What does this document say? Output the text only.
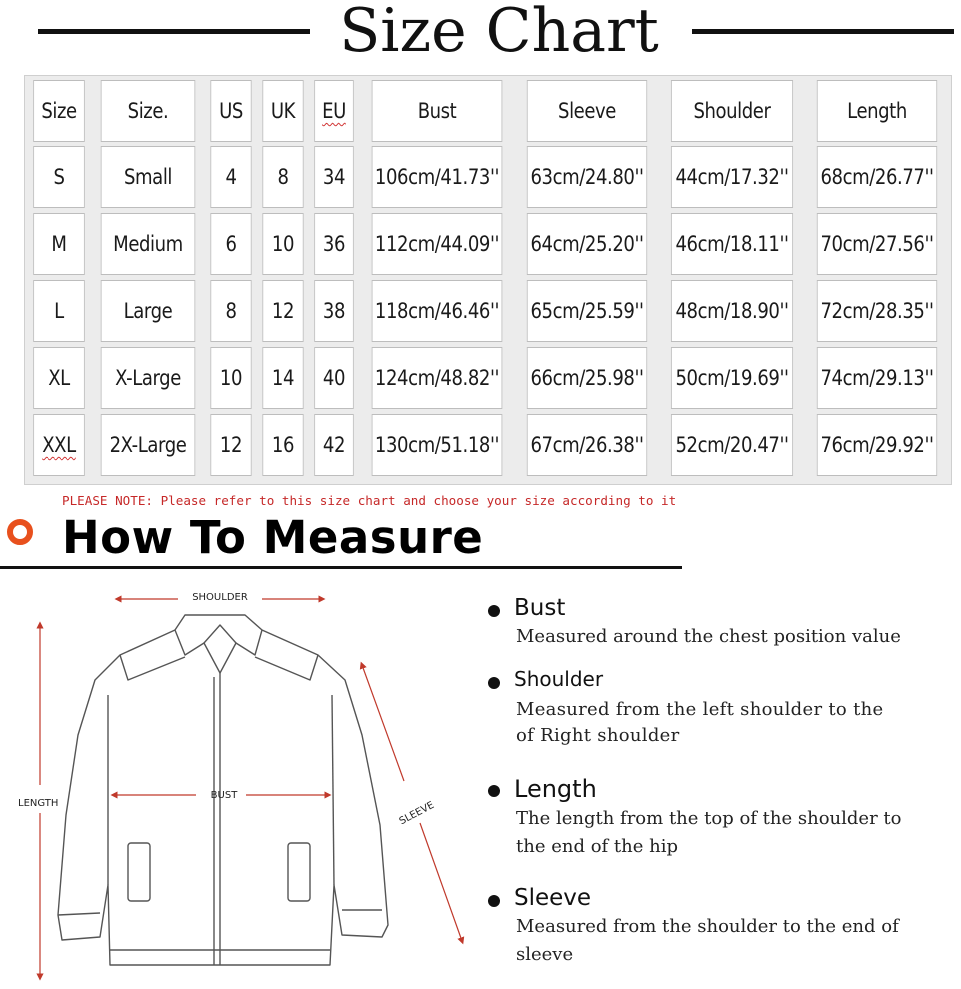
Size Chart
Size Size. US UK EU	Bust	Sleeve	Shoulder	Length
S	Small	4 8 34 106cm/41.73'' 63cm/24.80'' 44cm/17.32'' 68cm/26.77''
M Medium 6 10 36 112cm/44.09'' 64cm/25.20'' 46cm/18.11'' 70cm/27.56''
L	Large	8 12 38 118cm/46.46'' 65cm/25.59'' 48cm/18.90'' 72cm/28.35''
XL X-Large 10 14 40 124cm/48.82'' 66cm/25.98'' 50cm/19.69'' 74cm/29.13''
XXL 2X-Large 12 16 42 130cm/51.18'' 67cm/26.38'' 52cm/20.47'' 76cm/29.92''
PLEASE NOTE: Please refer to this size chart and choose your size according to it
How To Measure
SHOULDER
BUST
LENGTH	SLEEVE
Bust
Measured around the chest position value
Shoulder
Measured from the left shoulder to the of Right shoulder
Length
The length from the top of the shoulder to the end of the hip
Sleeve
Measured from the shoulder to the end of sleeve
